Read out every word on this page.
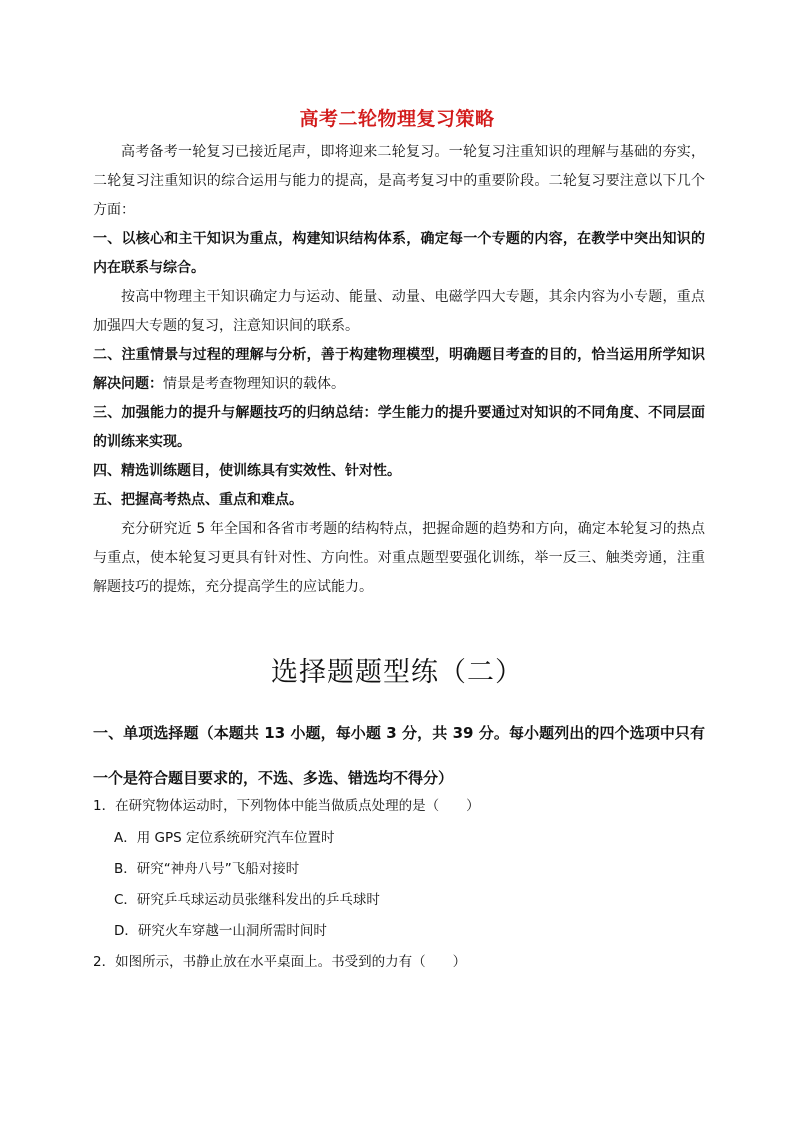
高考二轮物理复习策略
高考备考一轮复习已接近尾声，即将迎来二轮复习。一轮复习注重知识的理解与基础的夯实，二轮复习注重知识的综合运用与能力的提高，是高考复习中的重要阶段。二轮复习要注意以下几个方面：
一、以核心和主干知识为重点，构建知识结构体系，确定每一个专题的内容，在教学中突出知识的内在联系与综合。
按高中物理主干知识确定力与运动、能量、动量、电磁学四大专题，其余内容为小专题，重点加强四大专题的复习，注意知识间的联系。
二、注重情景与过程的理解与分析，善于构建物理模型，明确题目考查的目的，恰当运用所学知识解决问题：情景是考查物理知识的载体。
三、加强能力的提升与解题技巧的归纳总结：学生能力的提升要通过对知识的不同角度、不同层面的训练来实现。
四、精选训练题目，使训练具有实效性、针对性。
五、把握高考热点、重点和难点。
充分研究近 5 年全国和各省市考题的结构特点，把握命题的趋势和方向，确定本轮复习的热点与重点，使本轮复习更具有针对性、方向性。对重点题型要强化训练，举一反三、触类旁通，注重解题技巧的提炼，充分提高学生的应试能力。
选择题题型练（二）
一、单项选择题（本题共 13 小题，每小题 3 分，共 39 分。每小题列出的四个选项中只有一个是符合题目要求的，不选、多选、错选均不得分）
1．在研究物体运动时，下列物体中能当做质点处理的是（　　）
A．用 GPS 定位系统研究汽车位置时
B．研究“神舟八号”飞船对接时
C．研究乒乓球运动员张继科发出的乒乓球时
D．研究火车穿越一山洞所需时间时
2．如图所示，书静止放在水平桌面上。书受到的力有（　　）
